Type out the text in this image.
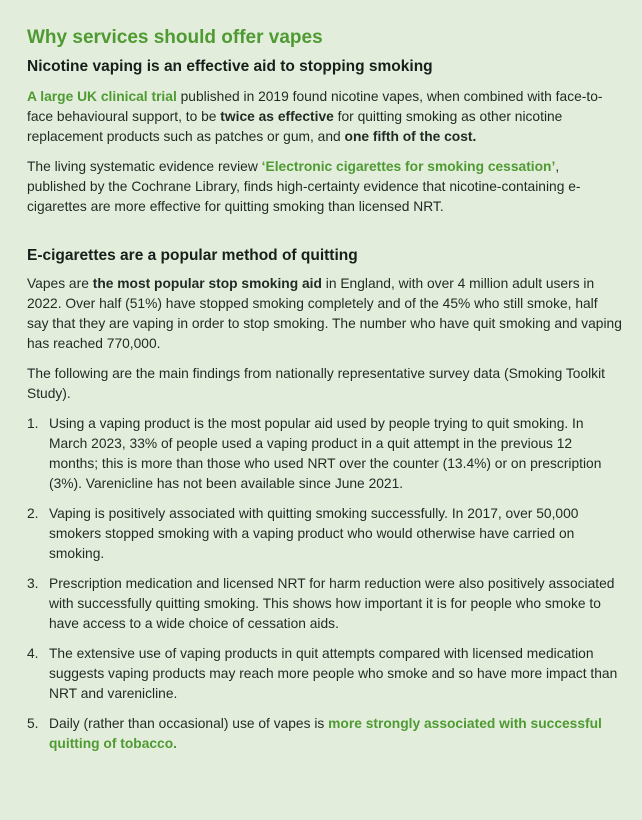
Why services should offer vapes
Nicotine vaping is an effective aid to stopping smoking

A large UK clinical trial published in 2019 found nicotine vapes, when combined with face-to-face behavioural support, to be twice as effective for quitting smoking as other nicotine replacement products such as patches or gum, and one fifth of the cost.

The living systematic evidence review ‘Electronic cigarettes for smoking cessation’, published by the Cochrane Library, finds high-certainty evidence that nicotine-containing e-cigarettes are more effective for quitting smoking than licensed NRT.

E-cigarettes are a popular method of quitting

Vapes are the most popular stop smoking aid in England, with over 4 million adult users in 2022. Over half (51%) have stopped smoking completely and of the 45% who still smoke, half say that they are vaping in order to stop smoking. The number who have quit smoking and vaping has reached 770,000.

The following are the main findings from nationally representative survey data (Smoking Toolkit Study).

1. Using a vaping product is the most popular aid used by people trying to quit smoking. In March 2023, 33% of people used a vaping product in a quit attempt in the previous 12 months; this is more than those who used NRT over the counter (13.4%) or on prescription (3%). Varenicline has not been available since June 2021.
2. Vaping is positively associated with quitting smoking successfully. In 2017, over 50,000 smokers stopped smoking with a vaping product who would otherwise have carried on smoking.
3. Prescription medication and licensed NRT for harm reduction were also positively associated with successfully quitting smoking. This shows how important it is for people who smoke to have access to a wide choice of cessation aids.
4. The extensive use of vaping products in quit attempts compared with licensed medication suggests vaping products may reach more people who smoke and so have more impact than NRT and varenicline.
5. Daily (rather than occasional) use of vapes is more strongly associated with successful quitting of tobacco.
